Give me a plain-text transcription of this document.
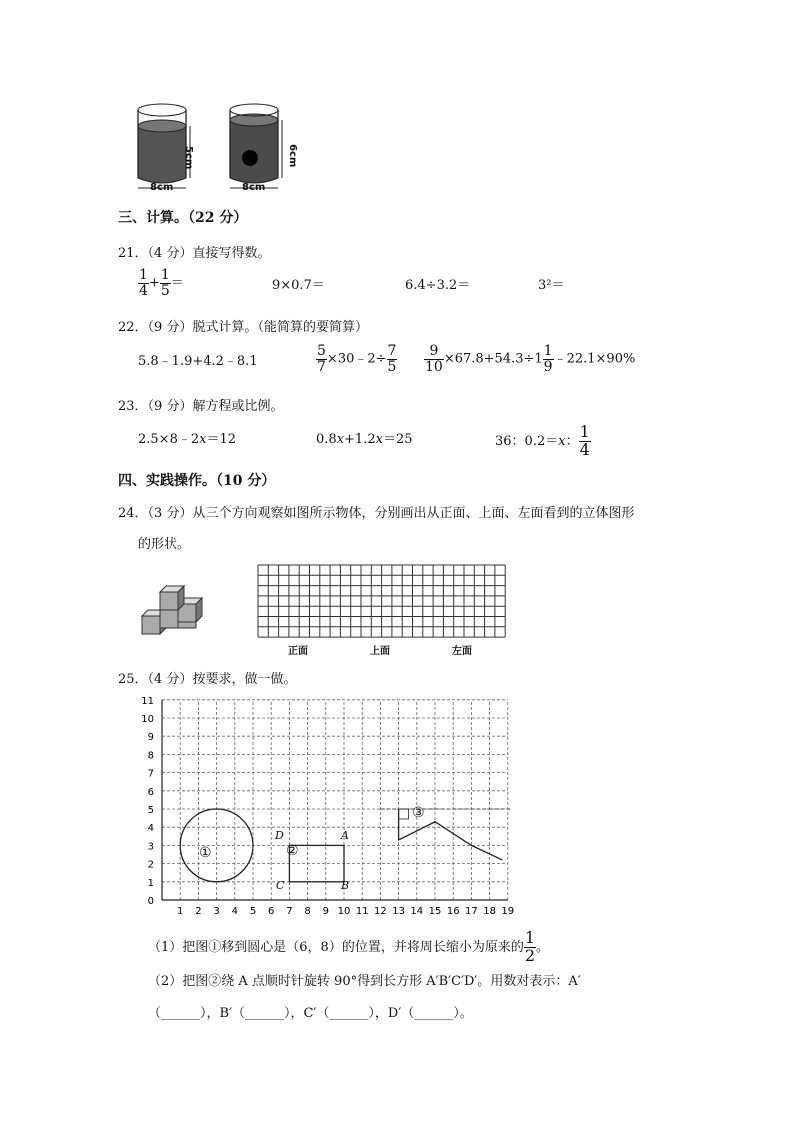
8cm	8cm
5cm	6cm
三、计算。（22 分）
21．（4 分）直接写得数。
$\frac{1}{4} + \frac{1}{5}$ ＝	9×0.7＝	6.4÷3.2＝	3²＝
22．（9 分）脱式计算。（能简算的要简算）
5.8﹣1.9+4.2﹣8.1	$\frac{5}{7}$ ×30﹣2÷ $\frac{7}{5} \frac{9}{10} \times 67.8+54.3\div 1 \frac{1}{9}$ ﹣22.1×90%
23．（9 分）解方程或比例。
2.5×8﹣2x＝12	0.8x+1.2x＝25	36：0.2＝x： $\frac{1}{4}$
四、实践操作。（10 分）
24．（3 分）从三个方向观察如图所示物体，分别画出从正面、上面、左面看到的立体图形
的形状。
正面	上面	左面
25．（4 分）按要求，做一做。
1 2 3 4 5 6 7 8 9 10 11 12 13 14 15 16 17 18 19
0
1
2
3
4
5
6
7
8
9
10
11
①	②
③
D	A
C	B
（1）把图①移到圆心是（6，8）的位置，并将周长缩小为原来的 $\frac{1}{2}$ 。
（2）把图②绕 A 点顺时针旋转 90°得到长方形 A′B′C′D′。用数对表示：A′
（______），B′（______），C′（______），D′（______）。
